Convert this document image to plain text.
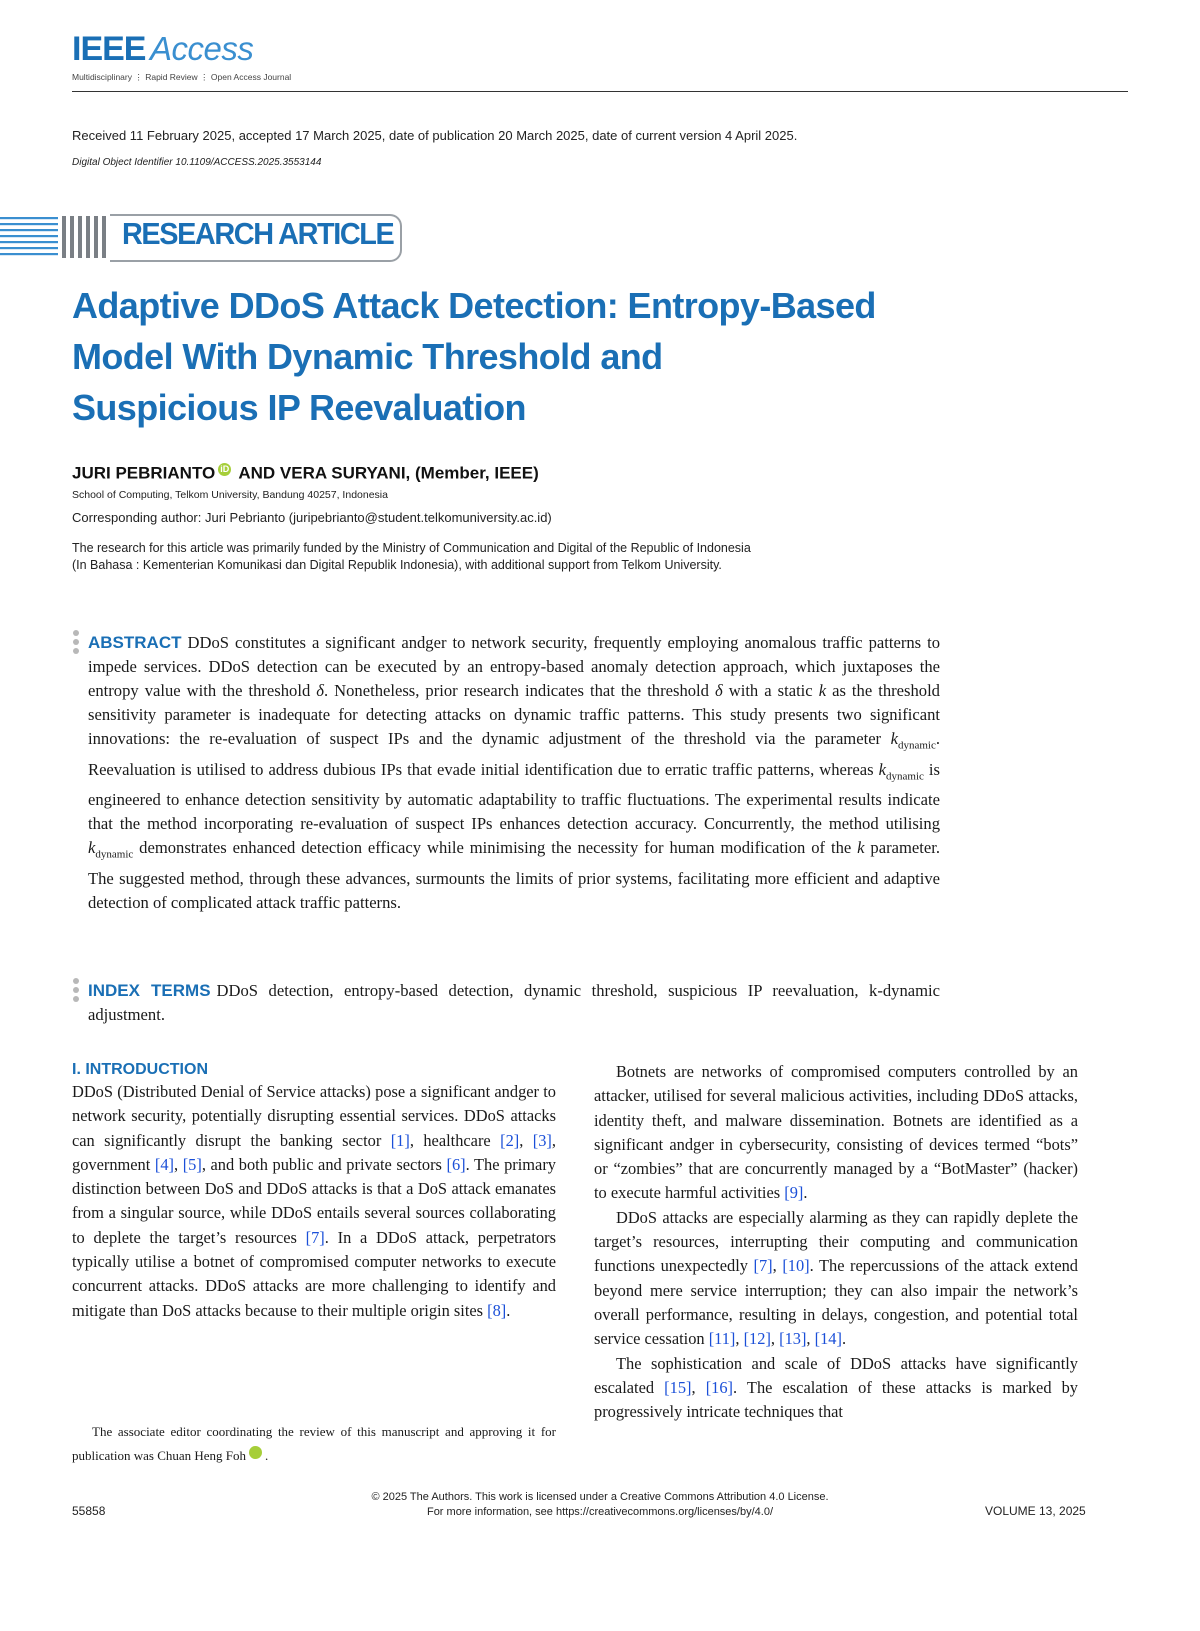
IEEE Access
Multidisciplinary ⋮ Rapid Review ⋮ Open Access Journal
Received 11 February 2025, accepted 17 March 2025, date of publication 20 March 2025, date of current version 4 April 2025.
Digital Object Identifier 10.1109/ACCESS.2025.3553144
RESEARCH ARTICLE
Adaptive DDoS Attack Detection: Entropy-Based
Model With Dynamic Threshold and
Suspicious IP Reevaluation
JURI PEBRIANTO iD AND VERA SURYANI, (Member, IEEE)
School of Computing, Telkom University, Bandung 40257, Indonesia
Corresponding author: Juri Pebrianto (juripebrianto@student.telkomuniversity.ac.id)
The research for this article was primarily funded by the Ministry of Communication and Digital of the Republic of Indonesia
(In Bahasa : Kementerian Komunikasi dan Digital Republik Indonesia), with additional support from Telkom University.
ABSTRACT DDoS constitutes a significant andger to network security, frequently employing anomalous traffic patterns to impede services. DDoS detection can be executed by an entropy-based anomaly detection approach, which juxtaposes the entropy value with the threshold δ. Nonetheless, prior research indicates that the threshold δ with a static k as the threshold sensitivity parameter is inadequate for detecting attacks on dynamic traffic patterns. This study presents two significant innovations: the re-evaluation of suspect IPs and the dynamic adjustment of the threshold via the parameter $k_{dynamic}$. Reevaluation is utilised to address dubious IPs that evade initial identification due to erratic traffic patterns, whereas $k_{dynamic}$ is engineered to enhance detection sensitivity by automatic adaptability to traffic fluctuations. The experimental results indicate that the method incorporating re-evaluation of suspect IPs enhances detection accuracy. Concurrently, the method utilising $k_{dynamic}$ demonstrates enhanced detection efficacy while minimising the necessity for human modification of the k parameter. The suggested method, through these advances, surmounts the limits of prior systems, facilitating more efficient and adaptive detection of complicated attack traffic patterns.
INDEX TERMS DDoS detection, entropy-based detection, dynamic threshold, suspicious IP reevaluation, k-dynamic adjustment.
I. INTRODUCTION

DDoS (Distributed Denial of Service attacks) pose a significant andger to network security, potentially disrupting essential services. DDoS attacks can significantly disrupt the banking sector [1], healthcare [2], [3], government [4], [5], and both public and private sectors [6]. The primary distinction between DoS and DDoS attacks is that a DoS attack emanates from a singular source, while DDoS entails several sources collaborating to deplete the target’s resources [7]. In a DDoS attack, perpetrators typically utilise a botnet of compromised computer networks to execute concurrent attacks. DDoS attacks are more challenging to identify and mitigate than DoS attacks because to their multiple origin sites [8].

Botnets are networks of compromised computers controlled by an attacker, utilised for several malicious activities, including DDoS attacks, identity theft, and malware dissemination. Botnets are identified as a significant andger in cybersecurity, consisting of devices termed “bots” or “zombies” that are concurrently managed by a “BotMaster” (hacker) to execute harmful activities [9].

DDoS attacks are especially alarming as they can rapidly deplete the target’s resources, interrupting their computing and communication functions unexpectedly [7], [10]. The repercussions of the attack extend beyond mere service interruption; they can also impair the network’s overall performance, resulting in delays, congestion, and potential total service cessation [11], [12], [13], [14].

The sophistication and scale of DDoS attacks have significantly escalated [15], [16]. The escalation of these attacks is marked by progressively intricate techniques that

The associate editor coordinating the review of this manuscript and approving it for publication was Chuan Heng Foh	iD.

© 2025 The Authors. This work is licensed under a Creative Commons Attribution 4.0 License.
For more information, see https://creativecommons.org/licenses/by/4.0/
55858	VOLUME 13, 2025
